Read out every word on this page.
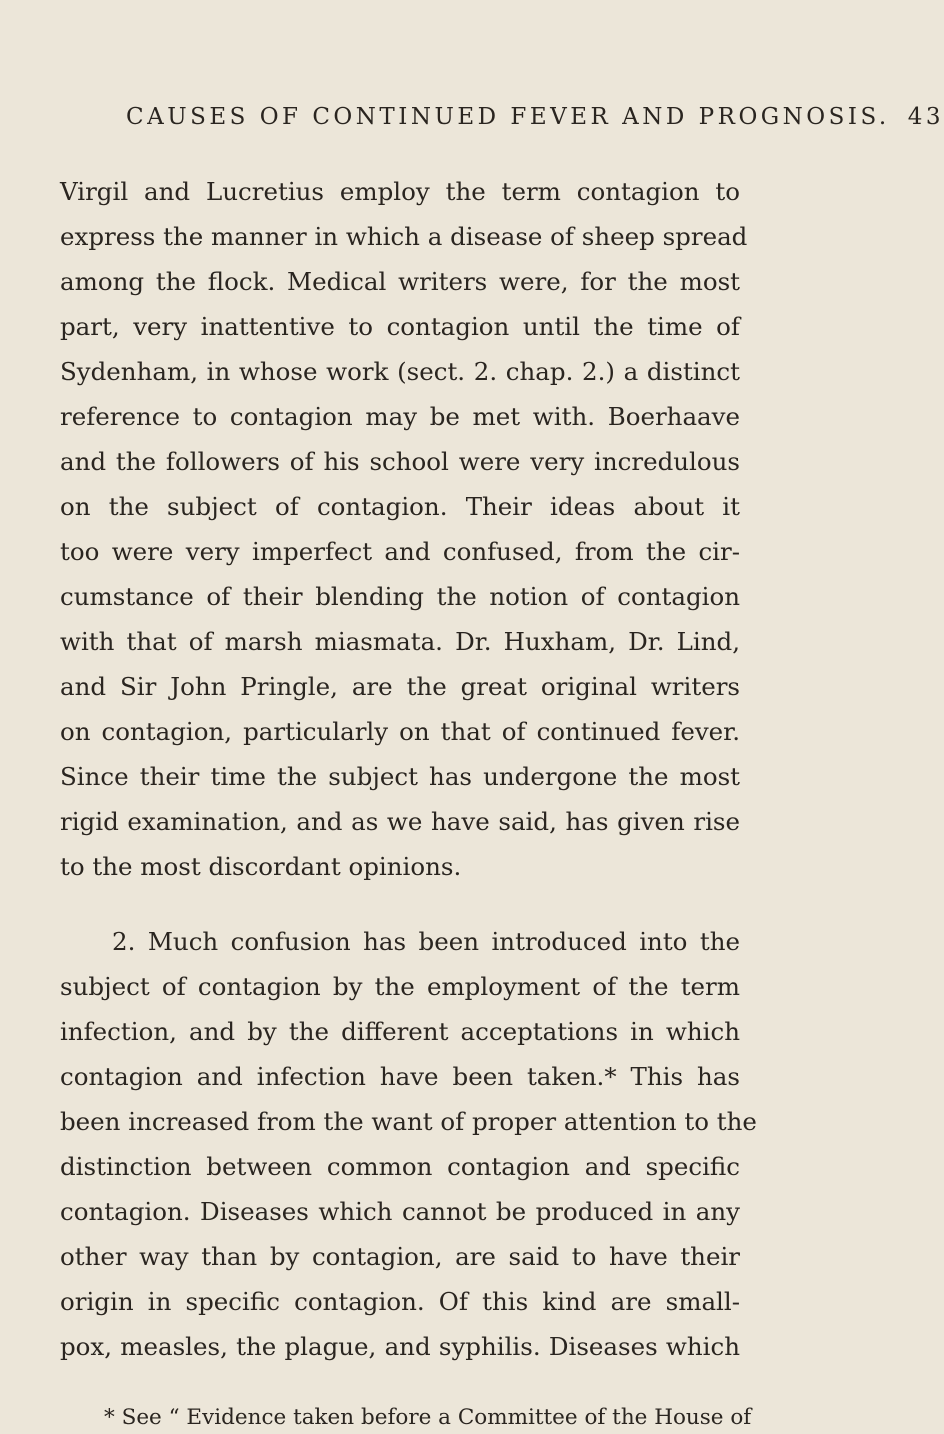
CAUSES OF CONTINUED FEVER AND PROGNOSIS. 43
Virgil and Lucretius employ the term contagion to
express the manner in which a disease of sheep spread
among the flock. Medical writers were, for the most
part, very inattentive to contagion until the time of
Sydenham, in whose work (sect. 2. chap. 2.) a distinct
reference to contagion may be met with. Boerhaave
and the followers of his school were very incredulous
on the subject of contagion. Their ideas about it
too were very imperfect and confused, from the cir-
cumstance of their blending the notion of contagion
with that of marsh miasmata. Dr. Huxham, Dr. Lind,
and Sir John Pringle, are the great original writers
on contagion, particularly on that of continued fever.
Since their time the subject has undergone the most
rigid examination, and as we have said, has given rise
to the most discordant opinions.
2. Much confusion has been introduced into the
subject of contagion by the employment of the term
infection, and by the different acceptations in which
contagion and infection have been taken.* This has
been increased from the want of proper attention to the
distinction between common contagion and specific
contagion. Diseases which cannot be produced in any
other way than by contagion, are said to have their
origin in specific contagion. Of this kind are small-
pox, measles, the plague, and syphilis. Diseases which
* See “ Evidence taken before a Committee of the House of
